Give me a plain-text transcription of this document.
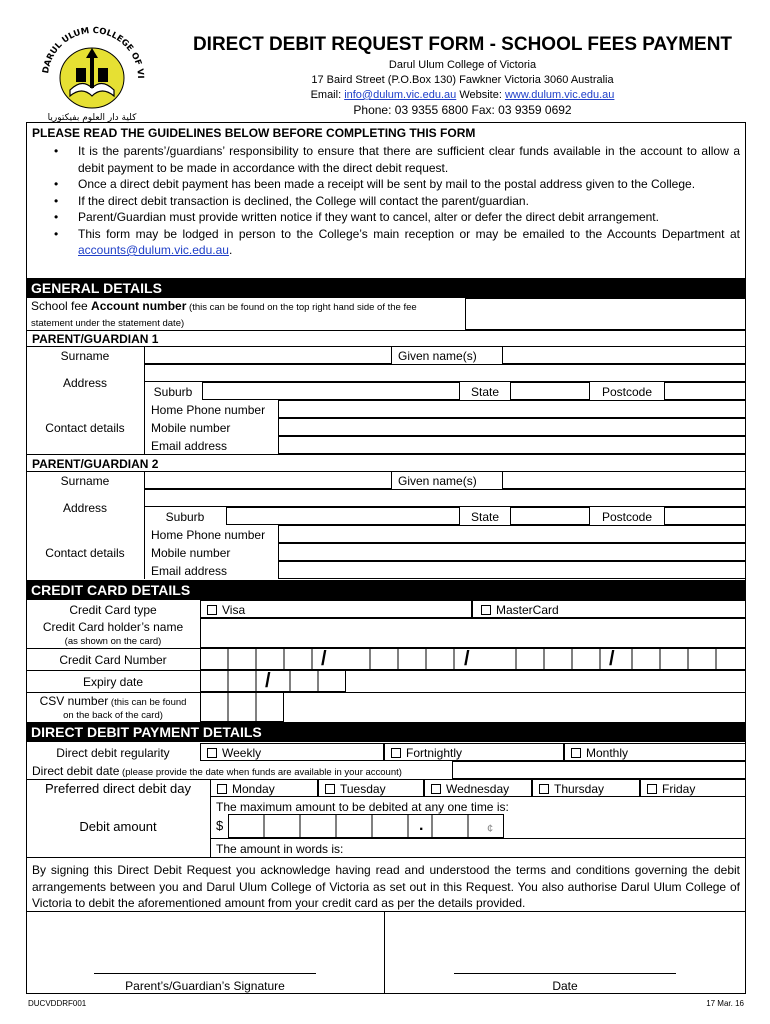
DARUL ULUM COLLEGE OF VI
كلية دار العلوم بفيكتوريا
DIRECT DEBIT REQUEST FORM - SCHOOL FEES PAYMENT
Darul Ulum College of Victoria
17 Baird Street (P.O.Box 130) Fawkner Victoria 3060 Australia
Email: info@dulum.vic.edu.au Website: www.dulum.vic.edu.au
Phone: 03 9355 6800 Fax: 03 9359 0692
PLEASE READ THE GUIDELINES BELOW BEFORE COMPLETING THIS FORM
• It is the parents’/guardians’ responsibility to ensure that there are sufficient clear funds available in the account to allow a debit payment to be made in accordance with the direct debit request.
• Once a direct debit payment has been made a receipt will be sent by mail to the postal address given to the College.
• If the direct debit transaction is declined, the College will contact the parent/guardian.
• Parent/Guardian must provide written notice if they want to cancel, alter or defer the direct debit arrangement.
• This form may be lodged in person to the College’s main reception or may be emailed to the Accounts Department at accounts@dulum.vic.edu.au.
GENERAL DETAILS
School fee Account number (this can be found on the top right hand side of the fee statement under the statement date)
PARENT/GUARDIAN 1
Surname	Given name(s)
Address
Suburb	State	Postcode
Contact details
Home Phone number
Mobile number
Email address
PARENT/GUARDIAN 2
Surname	Given name(s)
Address
Suburb	State	Postcode
Contact details
Home Phone number
Mobile number
Email address
CREDIT CARD DETAILS
Credit Card type	Visa	MasterCard
Credit Card holder’s name
(as shown on the card)
Credit Card Number	/	/	/
Expiry date	/
CSV number (this can be found
on the back of the card)
DIRECT DEBIT PAYMENT DETAILS
Direct debit regularity	Weekly	Fortnightly	Monthly
Direct debit date (please provide the date when funds are available in your account)
Preferred direct debit day	Monday	Tuesday	Wednesday	Thursday	Friday
The maximum amount to be debited at any one time is:
Debit amount	$	.	¢
The amount in words is:
By signing this Direct Debit Request you acknowledge having read and understood the terms and conditions governing the debit arrangements between you and Darul Ulum College of Victoria as set out in this Request. You also authorise Darul Ulum College of Victoria to debit the aforementioned amount from your credit card as per the details provided.
Parent’s/Guardian’s Signature	Date
DUCVDDRF001	17 Mar. 16
